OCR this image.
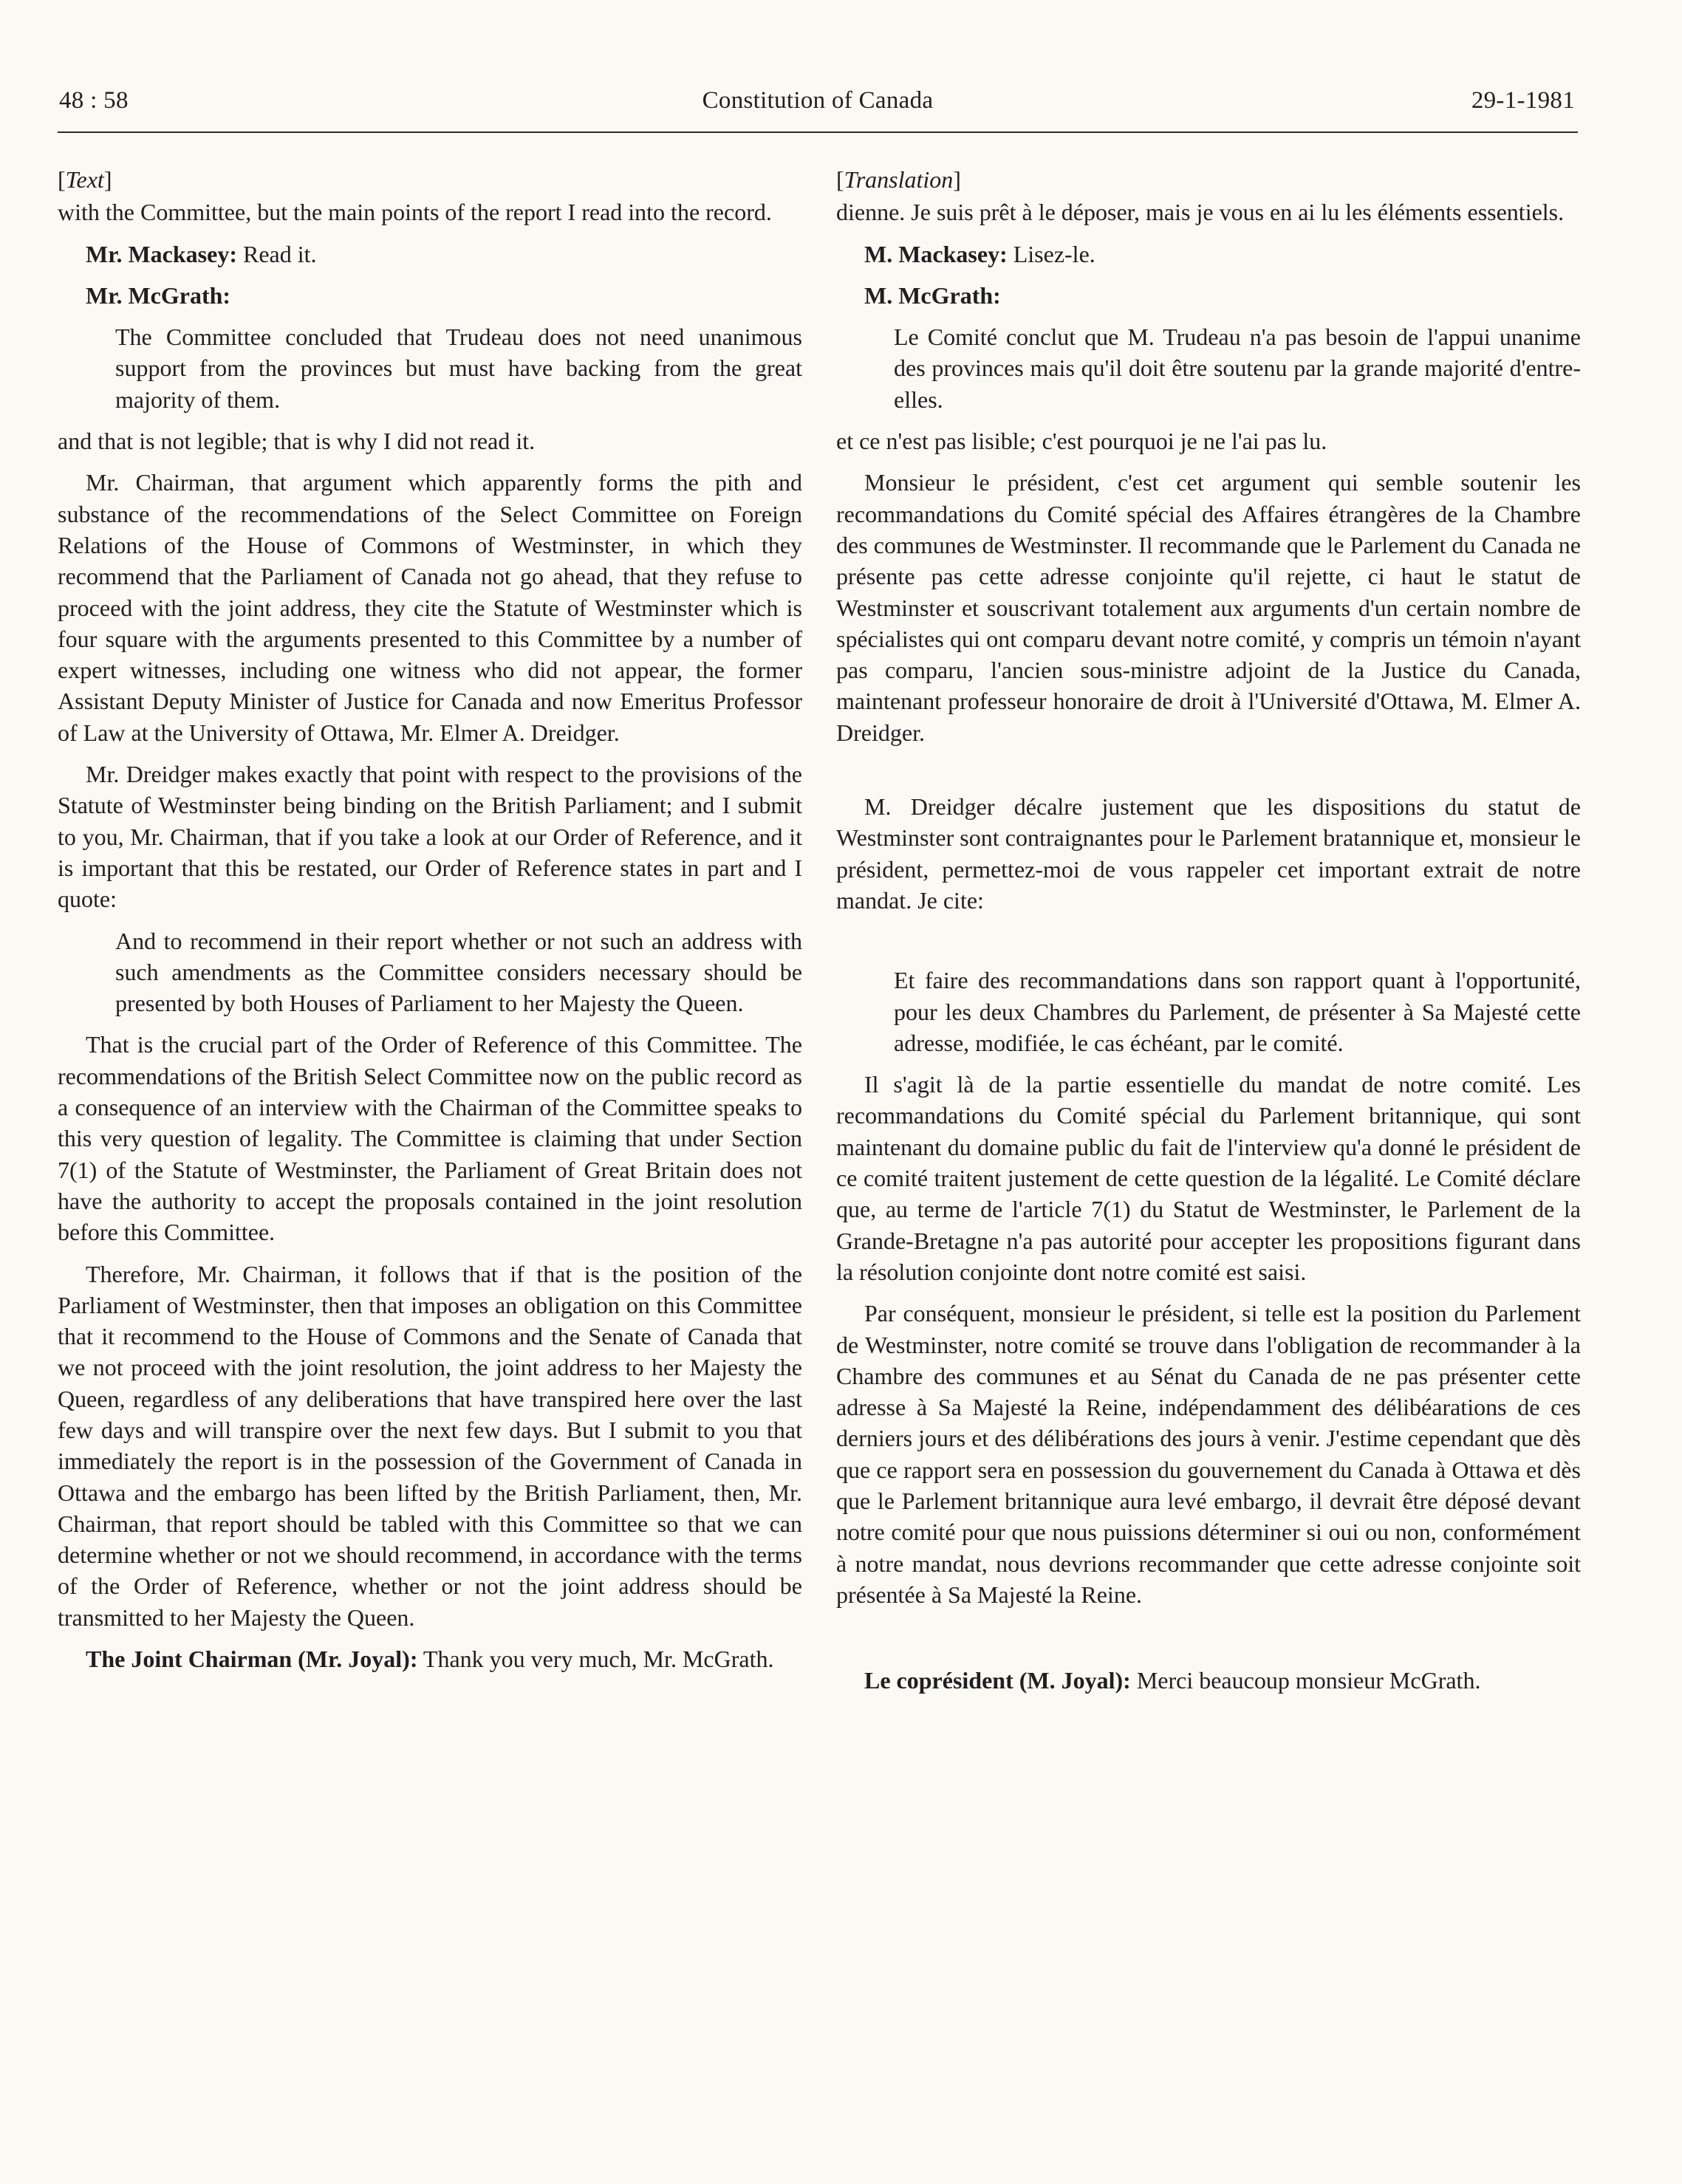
48 : 58	Constitution of Canada	29-1-1981

[ Text ]

with the Committee, but the main points of the report I read into the record.

Mr. Mackasey: Read it.

Mr. McGrath:

The Committee concluded that Trudeau does not need unanimous support from the provinces but must have backing from the great majority of them.

and that is not legible; that is why I did not read it.

Mr. Chairman, that argument which apparently forms the pith and substance of the recommendations of the Select Committee on Foreign Relations of the House of Commons of Westminster, in which they recommend that the Parliament of Canada not go ahead, that they refuse to proceed with the joint address, they cite the Statute of Westminster which is four square with the arguments presented to this Committee by a number of expert witnesses, including one witness who did not appear, the former Assistant Deputy Minister of Justice for Canada and now Emeritus Professor of Law at the University of Ottawa, Mr. Elmer A. Dreidger.

Mr. Dreidger makes exactly that point with respect to the provisions of the Statute of Westminster being binding on the British Parliament; and I submit to you, Mr. Chairman, that if you take a look at our Order of Reference, and it is important that this be restated, our Order of Reference states in part and I quote:

And to recommend in their report whether or not such an address with such amendments as the Committee considers necessary should be presented by both Houses of Parliament to her Majesty the Queen.

That is the crucial part of the Order of Reference of this Committee. The recommendations of the British Select Committee now on the public record as a consequence of an interview with the Chairman of the Committee speaks to this very question of legality. The Committee is claiming that under Section 7(1) of the Statute of Westminster, the Parliament of Great Britain does not have the authority to accept the proposals contained in the joint resolution before this Committee.

Therefore, Mr. Chairman, it follows that if that is the position of the Parliament of Westminster, then that imposes an obligation on this Committee that it recommend to the House of Commons and the Senate of Canada that we not proceed with the joint resolution, the joint address to her Majesty the Queen, regardless of any deliberations that have transpired here over the last few days and will transpire over the next few days. But I submit to you that immediately the report is in the possession of the Government of Canada in Ottawa and the embargo has been lifted by the British Parliament, then, Mr. Chairman, that report should be tabled with this Committee so that we can determine whether or not we should recommend, in accordance with the terms of the Order of Reference, whether or not the joint address should be transmitted to her Majesty the Queen.

The Joint Chairman (Mr. Joyal): Thank you very much, Mr. McGrath.

[ Translation ]

dienne. Je suis prêt à le déposer, mais je vous en ai lu les éléments essentiels.

M. Mackasey: Lisez-le.

M. McGrath:

Le Comité conclut que M. Trudeau n'a pas besoin de l'appui unanime des provinces mais qu'il doit être soutenu par la grande majorité d'entre-elles.

et ce n'est pas lisible; c'est pourquoi je ne l'ai pas lu.

Monsieur le président, c'est cet argument qui semble soutenir les recommandations du Comité spécial des Affaires étrangères de la Chambre des communes de Westminster. Il recommande que le Parlement du Canada ne présente pas cette adresse conjointe qu'il rejette, ci haut le statut de Westminster et souscrivant totalement aux arguments d'un certain nombre de spécialistes qui ont comparu devant notre comité, y compris un témoin n'ayant pas comparu, l'ancien sous-ministre adjoint de la Justice du Canada, maintenant professeur honoraire de droit à l'Université d'Ottawa, M. Elmer A. Dreidger.

M. Dreidger décalre justement que les dispositions du statut de Westminster sont contraignantes pour le Parlement bratannique et, monsieur le président, permettez-moi de vous rappeler cet important extrait de notre mandat. Je cite:

Et faire des recommandations dans son rapport quant à l'opportunité, pour les deux Chambres du Parlement, de présenter à Sa Majesté cette adresse, modifiée, le cas échéant, par le comité.

Il s'agit là de la partie essentielle du mandat de notre comité. Les recommandations du Comité spécial du Parlement britannique, qui sont maintenant du domaine public du fait de l'interview qu'a donné le président de ce comité traitent justement de cette question de la légalité. Le Comité déclare que, au terme de l'article 7(1) du Statut de Westminster, le Parlement de la Grande-Bretagne n'a pas autorité pour accepter les propositions figurant dans la résolution conjointe dont notre comité est saisi.

Par conséquent, monsieur le président, si telle est la position du Parlement de Westminster, notre comité se trouve dans l'obligation de recommander à la Chambre des communes et au Sénat du Canada de ne pas présenter cette adresse à Sa Majesté la Reine, indépendamment des délibéarations de ces derniers jours et des délibérations des jours à venir. J'estime cependant que dès que ce rapport sera en possession du gouvernement du Canada à Ottawa et dès que le Parlement britannique aura levé embargo, il devrait être déposé devant notre comité pour que nous puissions déterminer si oui ou non, conformément à notre mandat, nous devrions recommander que cette adresse conjointe soit présentée à Sa Majesté la Reine.

Le coprésident (M. Joyal): Merci beaucoup monsieur McGrath.
